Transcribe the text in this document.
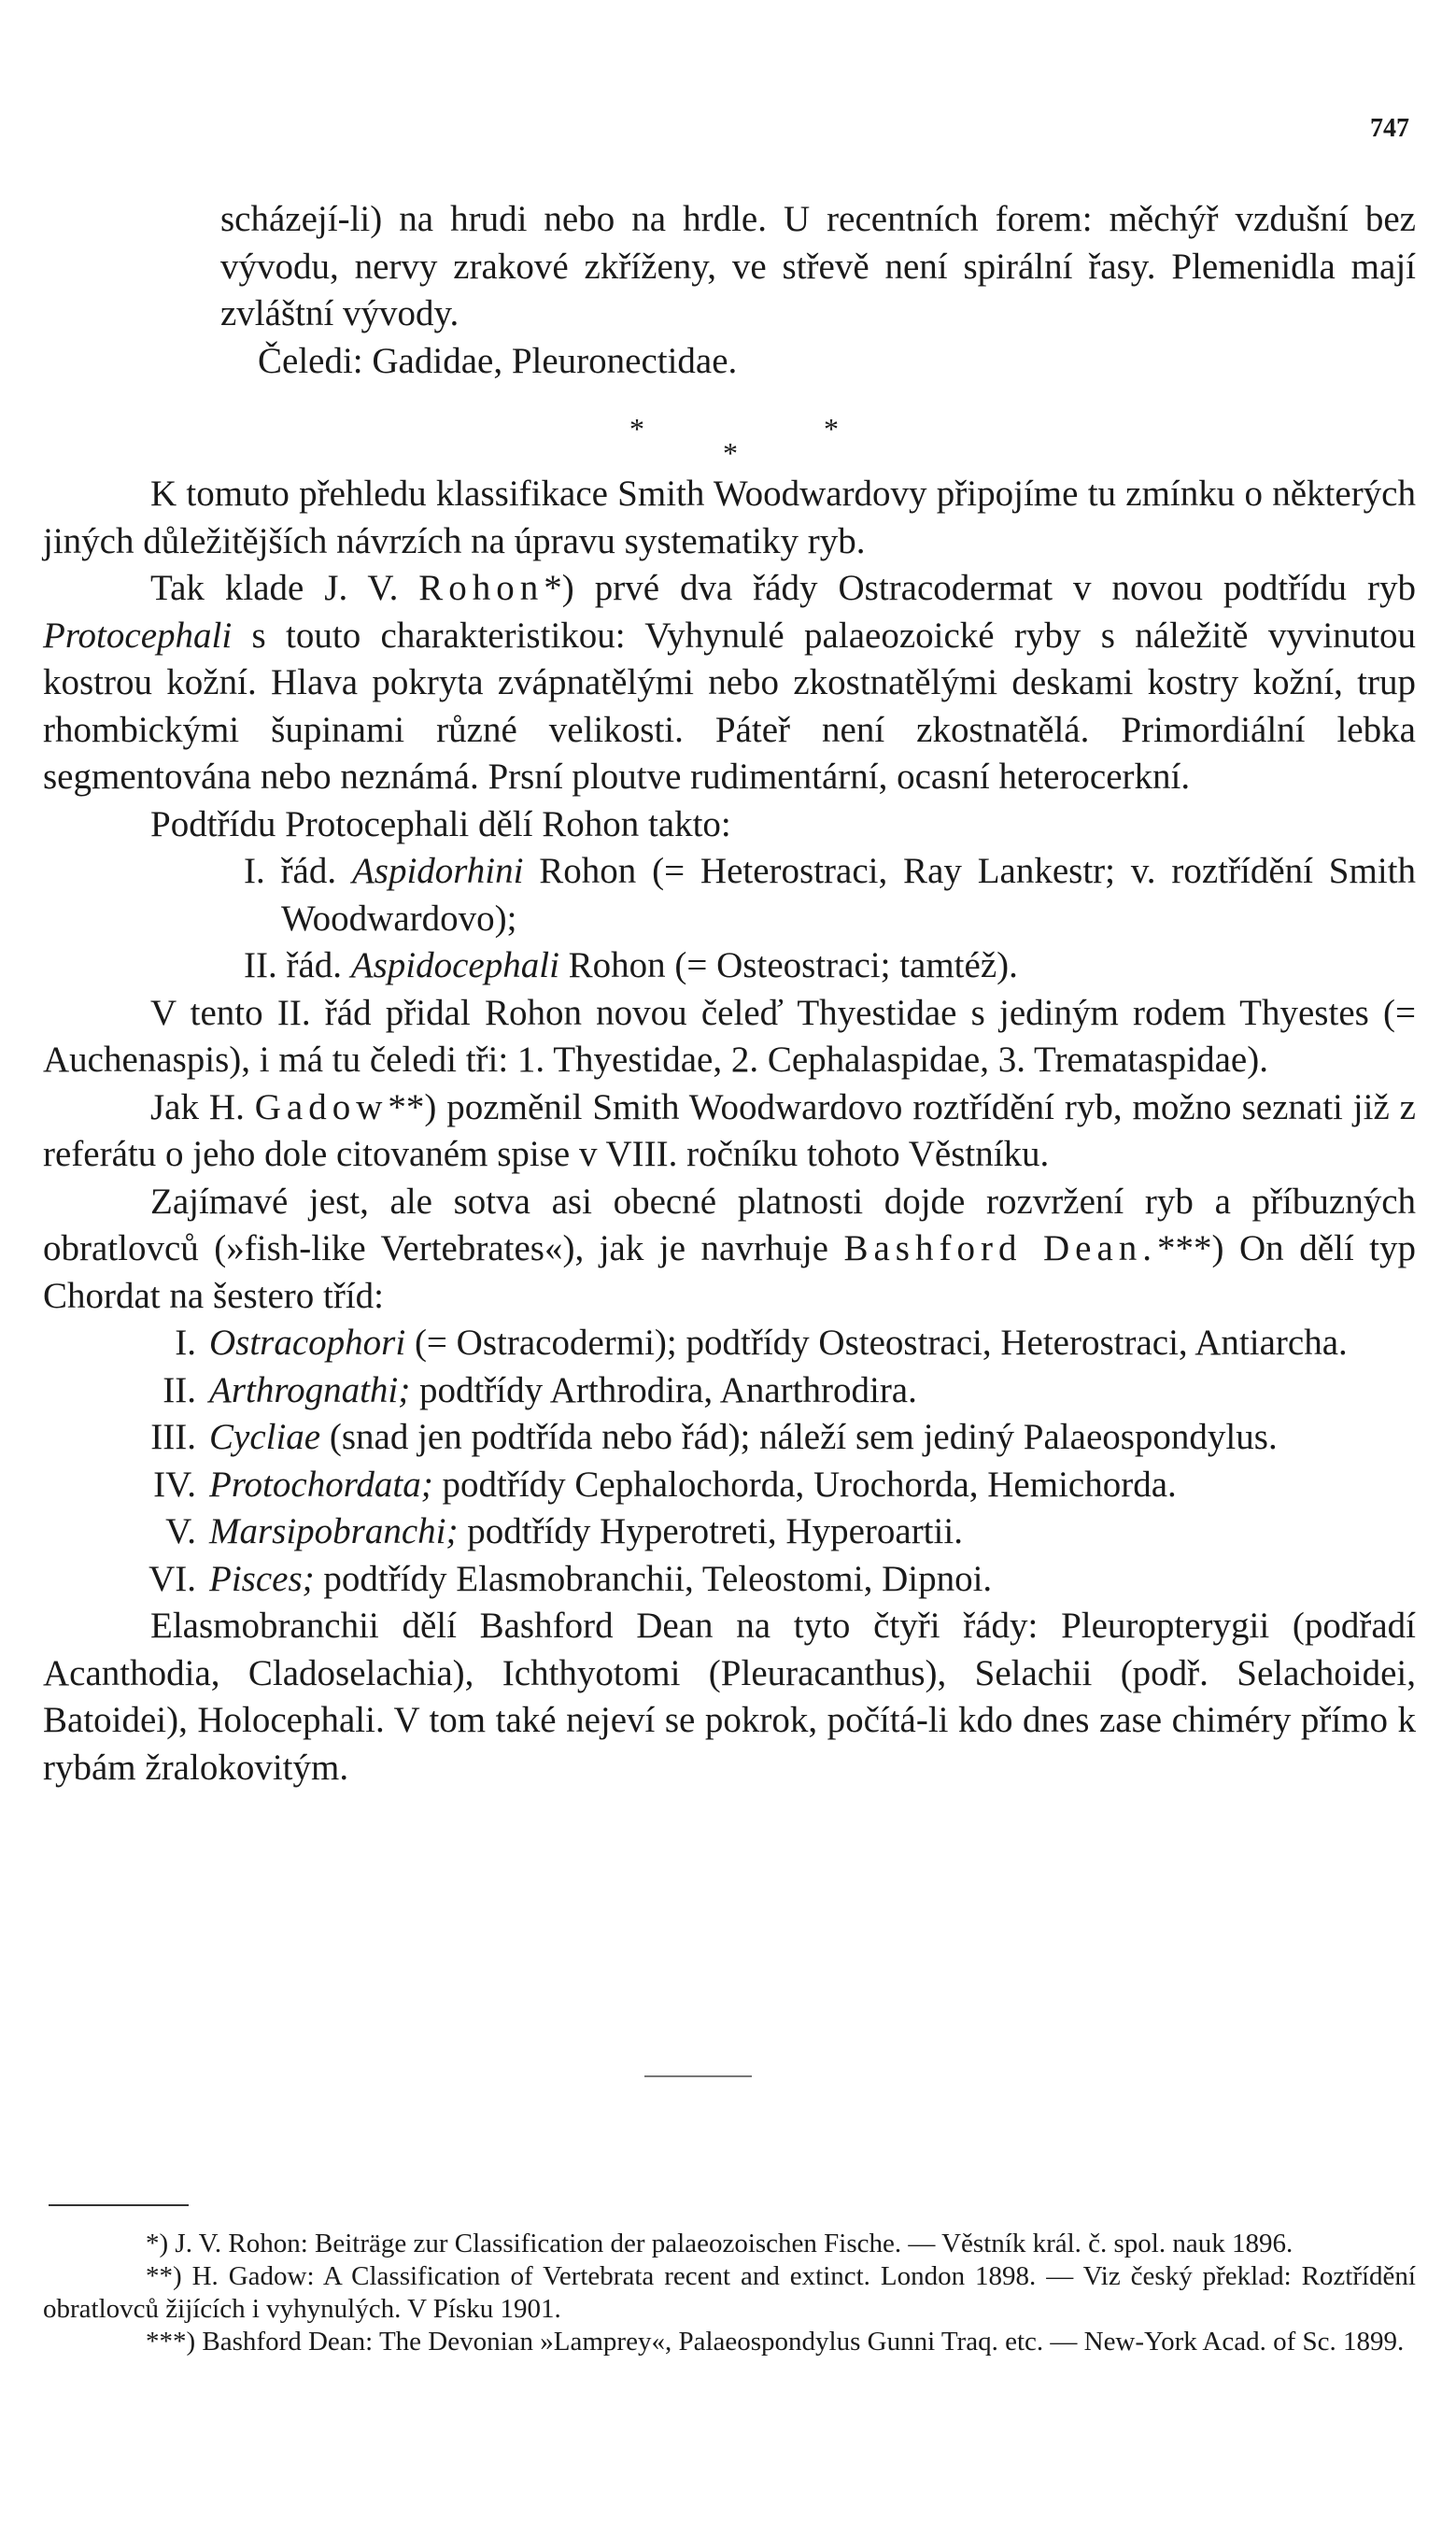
747

scházejí-li) na hrudi nebo na hrdle. U recentních forem: měchýř vzdušní bez vývodu, nervy zrakové zkříženy, ve střevě není spirální řasy. Plemenidla mají zvláštní vývody.

Čeledi: Gadidae, Pleuronectidae.

*
*
*

K tomuto přehledu klassifikace Smith Woodwardovy připojíme tu zmínku o některých jiných důležitějších návrzích na úpravu systematiky ryb.

Tak klade J. V. Rohon*) prvé dva řády Ostracodermat v novou podtřídu ryb Protocephali s touto charakteristikou: Vyhynulé palaeozoické ryby s náležitě vyvinutou kostrou kožní. Hlava pokryta zvápnatělými nebo zkostnatělými deskami kostry kožní, trup rhombickými šupinami různé velikosti. Páteř není zkostnatělá. Primordiální lebka segmentována nebo neznámá. Prsní ploutve rudimentární, ocasní heterocerkní.

Podtřídu Protocephali dělí Rohon takto:

I. řád. Aspidorhini Rohon (= Heterostraci, Ray Lankestr; v. roztřídění Smith Woodwardovo);

II. řád. Aspidocephali Rohon (= Osteostraci; tamtéž).

V tento II. řád přidal Rohon novou čeleď Thyestidae s jediným rodem Thyestes (= Auchenaspis), i má tu čeledi tři: 1. Thyestidae, 2. Cephalaspidae, 3. Tremataspidae).

Jak H. Gadow**) pozměnil Smith Woodwardovo roztřídění ryb, možno seznati již z referátu o jeho dole citovaném spise v VIII. ročníku tohoto Věstníku.

Zajímavé jest, ale sotva asi obecné platnosti dojde rozvržení ryb a příbuzných obratlovců (»fish-like Vertebrates«), jak je navrhuje Bashford Dean.***) On dělí typ Chordat na šestero tříd:

I. Ostracophori (= Ostracodermi); podtřídy Osteostraci, Heterostraci, Antiarcha.
II. Arthrognathi; podtřídy Arthrodira, Anarthrodira.
III. Cycliae (snad jen podtřída nebo řád); náleží sem jediný Palaeospondylus.
IV. Protochordata; podtřídy Cephalochorda, Urochorda, Hemichorda.
V. Marsipobranchi; podtřídy Hyperotreti, Hyperoartii.
VI. Pisces; podtřídy Elasmobranchii, Teleostomi, Dipnoi.

Elasmobranchii dělí Bashford Dean na tyto čtyři řády: Pleuropterygii (podřadí Acanthodia, Cladoselachia), Ichthyotomi (Pleuracanthus), Selachii (podř. Selachoidei, Batoidei), Holocephali. V tom také nejeví se pokrok, počítá-li kdo dnes zase chiméry přímo k rybám žralokovitým.

*) J. V. Rohon: Beiträge zur Classification der palaeozoischen Fische. — Věstník král. č. spol. nauk 1896.

**) H. Gadow: A Classification of Vertebrata recent and extinct. London 1898. — Viz český překlad: Roztřídění obratlovců žijících i vyhynulých. V Písku 1901.

***) Bashford Dean: The Devonian »Lamprey«, Palaeospondylus Gunni Traq. etc. — New-York Acad. of Sc. 1899.
